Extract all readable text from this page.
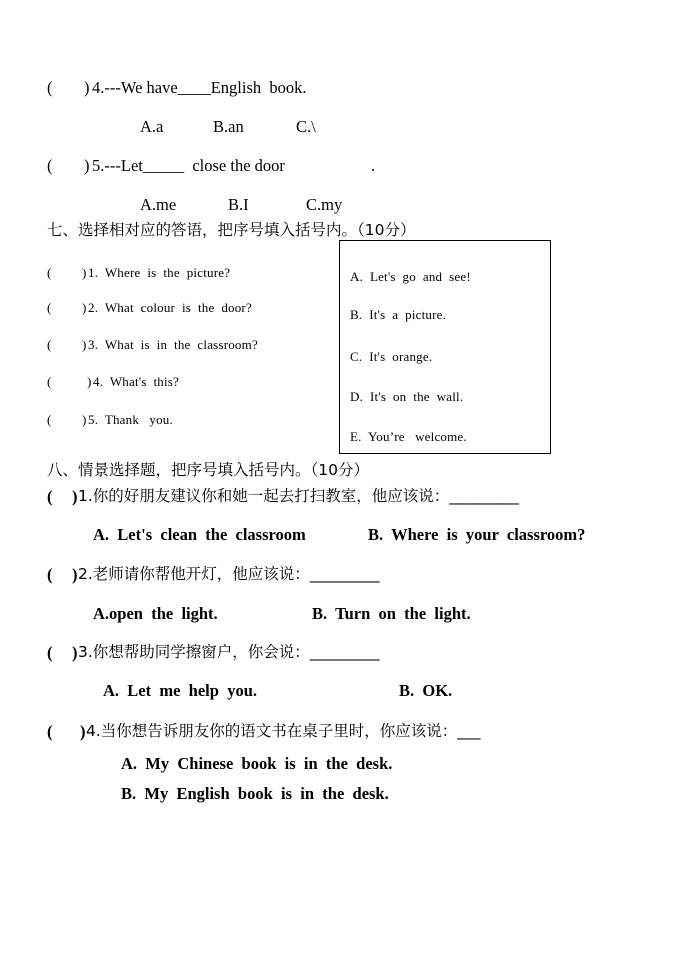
( ) 4.---We have____English  book.
A.a	B.an	C.\
( ) 5.---Let_____  close the door	.
A.me	B.I	C.my
七、选择相对应的答语，把序号填入括号内。（10分）
( ) 1.  Where  is  the  picture?
( ) 2.  What  colour  is  the  door?
( ) 3.  What  is  in  the  classroom?
(	) 4.  What's  this?
( ) 5.  Thank   you.
A.  Let's  go  and  see!
B.  It's  a  picture.
C.  It's  orange.
D.  It's  on  the  wall.
E.  You’re   welcome.
八、情景选择题，把序号填入括号内。（10分）
( ) 1.你的好朋友建议你和她一起去打扫教室，他应该说：_________
A.  Let's  clean  the  classroom	B.  Where  is  your  classroom?
( ) 2.老师请你帮他开灯，他应该说：_________
A.open  the  light.	B.  Turn  on  the  light.
( ) 3.你想帮助同学擦窗户，你会说：_________
A.  Let  me  help  you.	B.  OK.
( ) 4.当你想告诉朋友你的语文书在桌子里时，你应该说：___
A.  My  Chinese  book  is  in  the  desk.
B.  My  English  book  is  in  the  desk.
